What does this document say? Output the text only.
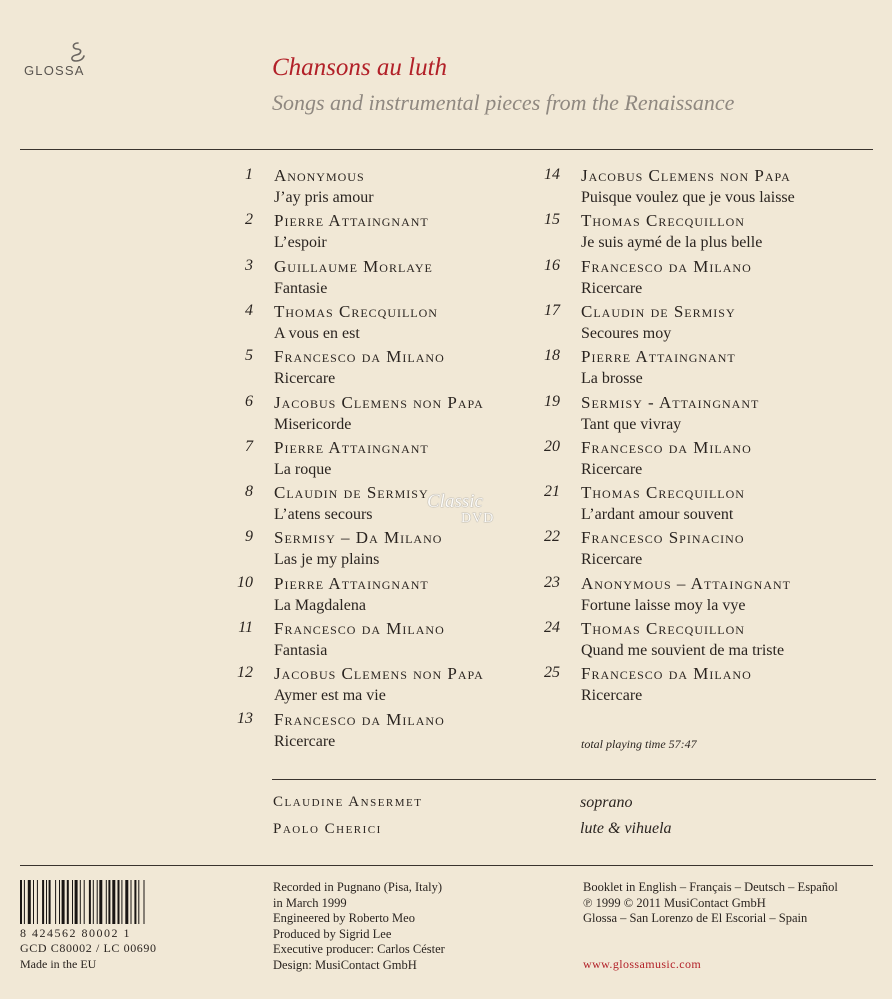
GLOSSA	Chansons au luth
Songs and instrumental pieces from the Renaissance
1 Anonymous
J’ay pris amour
2 Pierre Attaingnant
L’espoir
3 Guillaume Morlaye
Fantasie
4 Thomas Crecquillon
A vous en est
5 Francesco da Milano
Ricercare
6 Jacobus Clemens non Papa
Misericorde
7 Pierre Attaingnant
La roque
8 Claudin de Sermisy
L’atens secours
9 Sermisy – Da Milano
Las je my plains
10 Pierre Attaingnant
La Magdalena
11 Francesco da Milano
Fantasia
12 Jacobus Clemens non Papa
Aymer est ma vie
13 Francesco da Milano
Ricercare
14 Jacobus Clemens non Papa
Puisque voulez que je vous laisse
15 Thomas Crecquillon
Je suis aymé de la plus belle
16 Francesco da Milano
Ricercare
17 Claudin de Sermisy
Secoures moy
18 Pierre Attaingnant
La brosse
19 Sermisy - Attaingnant
Tant que vivray
20 Francesco da Milano
Ricercare
21 Thomas Crecquillon
L’ardant amour souvent
22 Francesco Spinacino
Ricercare
23 Anonymous – Attaingnant
Fortune laisse moy la vye
24 Thomas Crecquillon
Quand me souvient de ma triste
25 Francesco da Milano
Ricercare
total playing time 57:47
Classic
DVD
Claudine Ansermet	soprano
Paolo Cherici	lute & vihuela
8 424562 80002 1
GCD C80002 / LC 00690
Made in the EU
Recorded in Pugnano (Pisa, Italy)
in March 1999
Engineered by Roberto Meo
Produced by Sigrid Lee
Executive producer: Carlos Céster
Design: MusiContact GmbH
Booklet in English – Français – Deutsch – Español
℗ 1999 © 2011 MusiContact GmbH
Glossa – San Lorenzo de El Escorial – Spain
www.glossamusic.com
